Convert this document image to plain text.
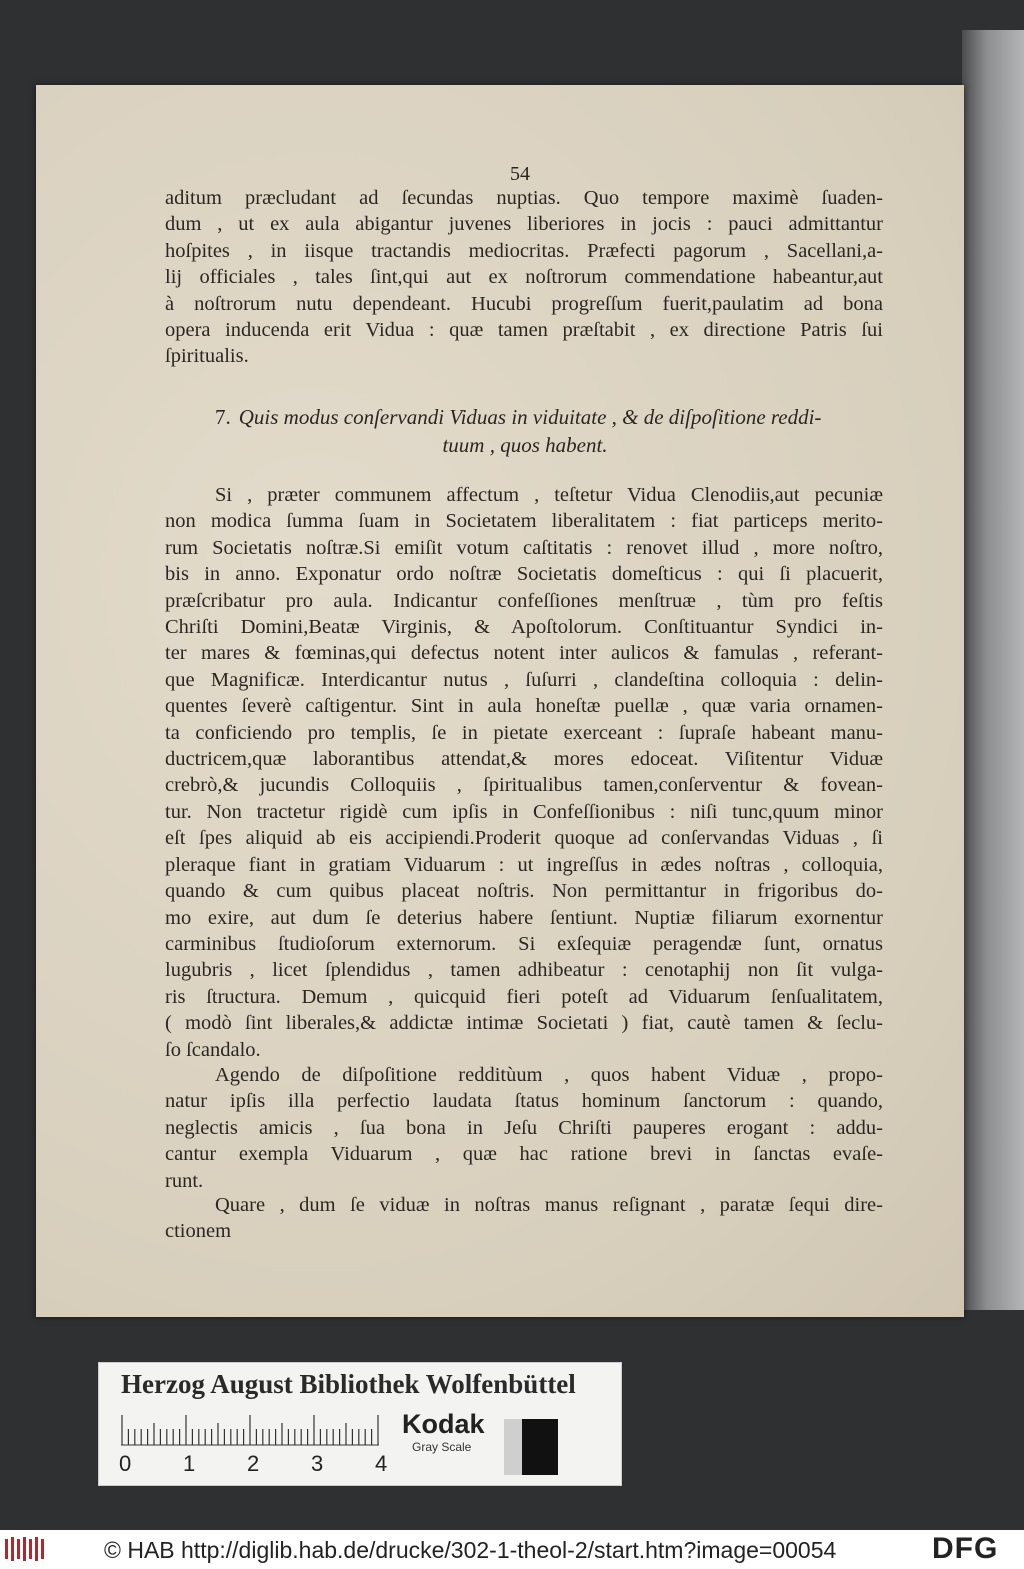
54
aditum præcludant ad ſecundas nuptias. Quo tempore maximè ſuaden-
dum , ut ex aula abigantur juvenes liberiores in jocis : pauci admittantur
hoſpites , in iisque tractandis mediocritas. Præfecti pagorum , Sacellani,a-
lij officiales , tales ſint,qui aut ex noſtrorum commendatione habeantur,aut
à noſtrorum nutu dependeant. Hucubi progreſſum fuerit,paulatim ad bona
opera inducenda erit Vidua : quæ tamen præſtabit , ex directione Patris ſui
ſpiritualis.
7. Quis modus conſervandi Viduas in viduitate , & de diſpoſitione reddi-
tuum , quos habent.
Si , præter communem affectum , teſtetur Vidua Clenodiis,aut pecuniæ
non modica ſumma ſuam in Societatem liberalitatem : fiat particeps merito-
rum Societatis noſtræ.Si emiſit votum caſtitatis : renovet illud , more noſtro,
bis in anno. Exponatur ordo noſtræ Societatis domeſticus : qui ſi placuerit,
præſcribatur pro aula. Indicantur confeſſiones menſtruæ , tùm pro feſtis
Chriſti Domini,Beatæ Virginis, & Apoſtolorum. Conſtituantur Syndici in-
ter mares & fœminas,qui defectus notent inter aulicos & famulas , referant-
que Magnificæ. Interdicantur nutus , ſuſurri , clandeſtina colloquia : delin-
quentes ſeverè caſtigentur. Sint in aula honeſtæ puellæ , quæ varia ornamen-
ta conficiendo pro templis, ſe in pietate exerceant : ſupraſe habeant manu-
ductricem,quæ laborantibus attendat,& mores edoceat. Viſitentur Viduæ
crebrò,& jucundis Colloquiis , ſpiritualibus tamen,conſerventur & fovean-
tur. Non tractetur rigidè cum ipſis in Confeſſionibus : niſi tunc,quum minor
eſt ſpes aliquid ab eis accipiendi.Proderit quoque ad conſervandas Viduas , ſi
pleraque fiant in gratiam Viduarum : ut ingreſſus in ædes noſtras , colloquia,
quando & cum quibus placeat noſtris. Non permittantur in frigoribus do-
mo exire, aut dum ſe deterius habere ſentiunt. Nuptiæ filiarum exornentur
carminibus ſtudioſorum externorum. Si exſequiæ peragendæ ſunt, ornatus
lugubris , licet ſplendidus , tamen adhibeatur : cenotaphij non ſit vulga-
ris ſtructura. Demum , quicquid fieri poteſt ad Viduarum ſenſualitatem,
( modò ſint liberales,& addictæ intimæ Societati ) fiat, cautè tamen & ſeclu-
ſo ſcandalo.
Agendo de diſpoſitione redditùum , quos habent Viduæ , propo-
natur ipſis illa perfectio laudata ſtatus hominum ſanctorum : quando,
neglectis amicis , ſua bona in Jeſu Chriſti pauperes erogant : addu-
cantur exempla Viduarum , quæ hac ratione brevi in ſanctas evaſe-
runt.
Quare , dum ſe viduæ in noſtras manus reſignant , paratæ ſequi dire-
ctionem
Herzog August Bibliothek Wolfenbüttel
0 1 2 3 4
Kodak
Gray Scale
© HAB http://diglib.hab.de/drucke/302-1-theol-2/start.htm?image=00054	DFG
